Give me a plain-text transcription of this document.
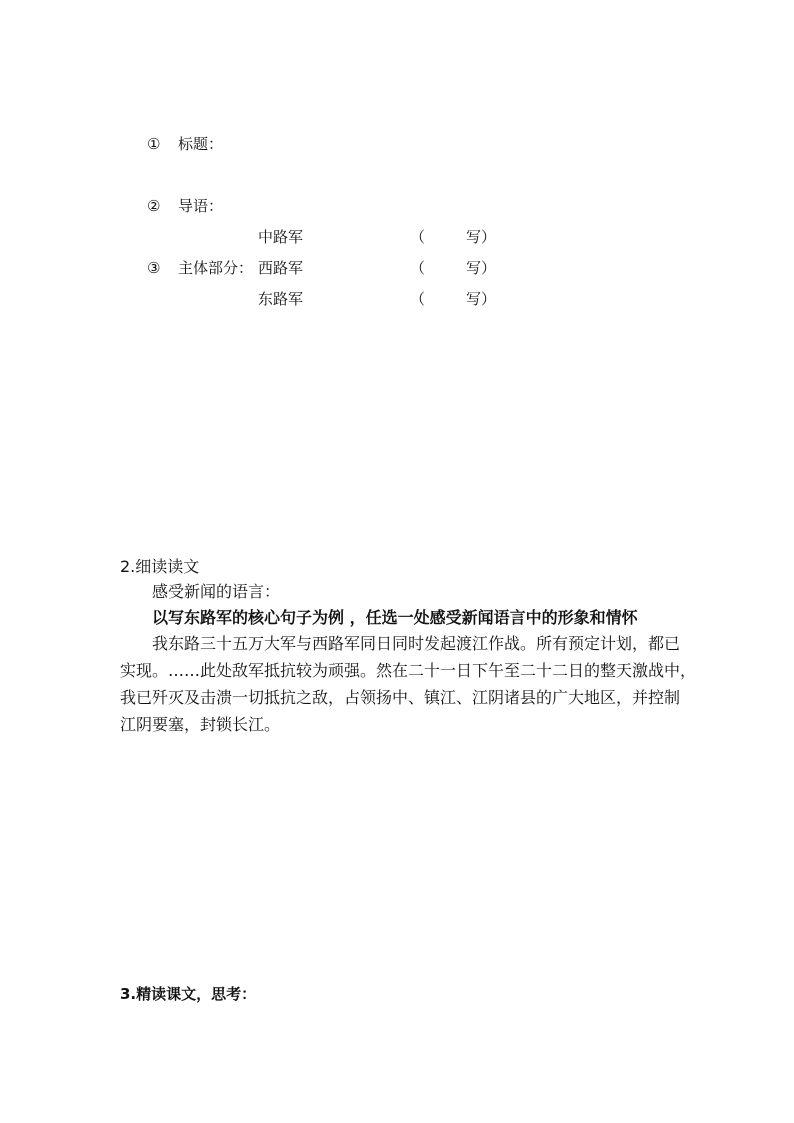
① 标题：
② 导语：
中路军	（	写）
③ 主体部分： 西路军	（	写）
东路军	（	写）
2.细读读文
感受新闻的语言：
以写东路军的核心句子为例 ，任选一处感受新闻语言中的形象和情怀
我东路三十五万大军与西路军同日同时发起渡江作战。所有预定计划，都已
实现。……此处敌军抵抗较为顽强。然在二十一日下午至二十二日的整天激战中，
我已歼灭及击溃一切抵抗之敌，占领扬中、镇江、江阴诸县的广大地区，并控制
江阴要塞，封锁长江。
3.精读课文，思考：
